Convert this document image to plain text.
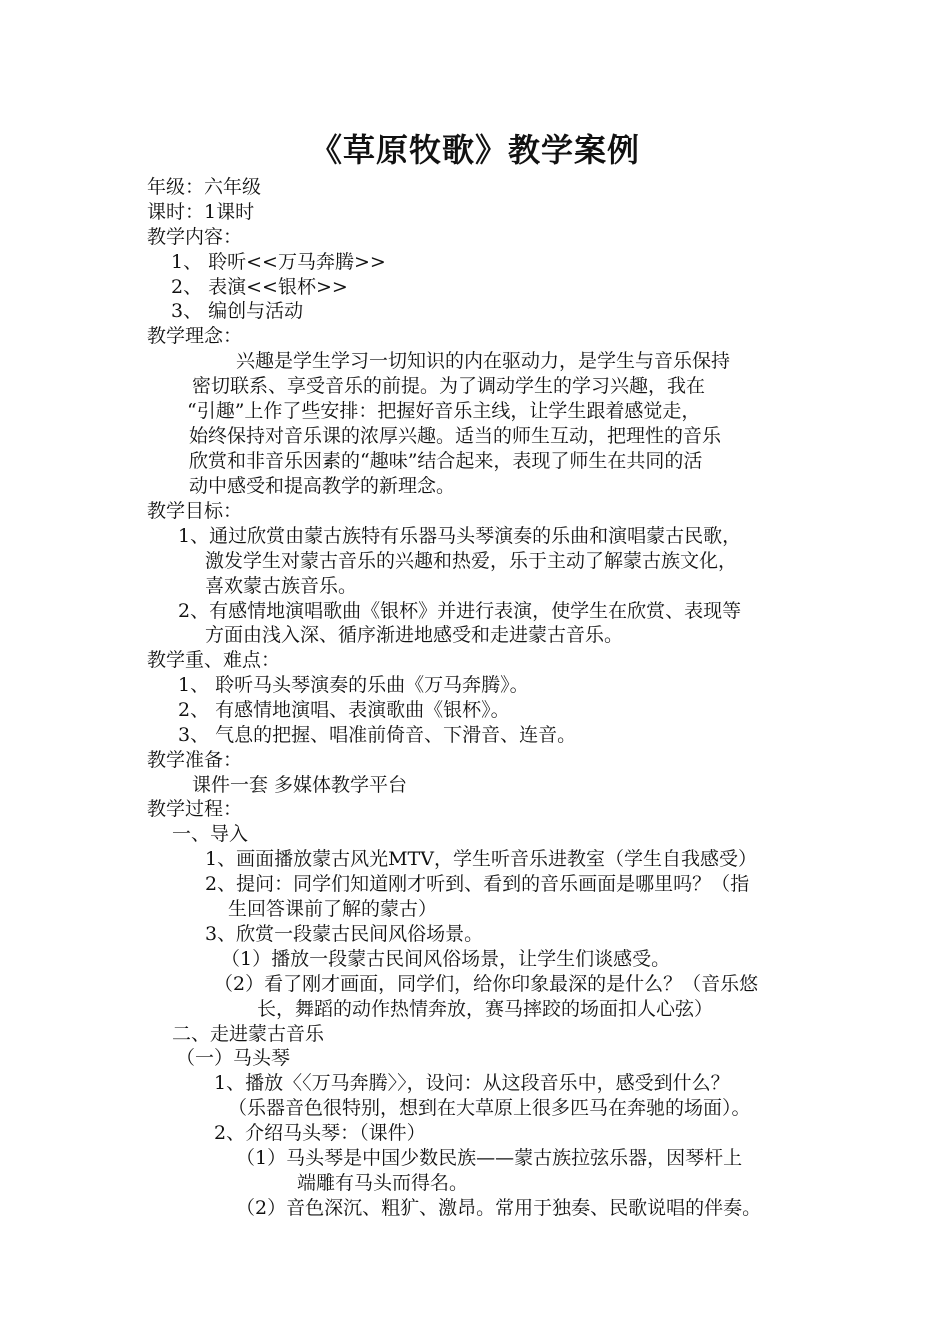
《草原牧歌》教学案例
年级：六年级
课时：1课时
教学内容：
1、 聆听<<万马奔腾>>
2、 表演<<银杯>>
3、 编创与活动
教学理念：
兴趣是学生学习一切知识的内在驱动力，是学生与音乐保持
密切联系、享受音乐的前提。为了调动学生的学习兴趣，我在
“引趣”上作了些安排：把握好音乐主线，让学生跟着感觉走，
始终保持对音乐课的浓厚兴趣。适当的师生互动，把理性的音乐
欣赏和非音乐因素的“趣味”结合起来，表现了师生在共同的活
动中感受和提高教学的新理念。
教学目标：
1、通过欣赏由蒙古族特有乐器马头琴演奏的乐曲和演唱蒙古民歌，
激发学生对蒙古音乐的兴趣和热爱，乐于主动了解蒙古族文化，
喜欢蒙古族音乐。
2、有感情地演唱歌曲《银杯》并进行表演，使学生在欣赏、表现等
方面由浅入深、循序渐进地感受和走进蒙古音乐。
教学重、难点：
1、 聆听马头琴演奏的乐曲《万马奔腾》。
2、 有感情地演唱、表演歌曲《银杯》。
3、 气息的把握、唱准前倚音、下滑音、连音。
教学准备：
课件一套 多媒体教学平台
教学过程：
一、导入
1、画面播放蒙古风光MTV，学生听音乐进教室（学生自我感受）
2、提问：同学们知道刚才听到、看到的音乐画面是哪里吗？（指
生回答课前了解的蒙古）
3、欣赏一段蒙古民间风俗场景。
（1）播放一段蒙古民间风俗场景，让学生们谈感受。
（2）看了刚才画面，同学们，给你印象最深的是什么？（音乐悠
长，舞蹈的动作热情奔放，赛马摔跤的场面扣人心弦）
二、走进蒙古音乐
（一）马头琴
1、播放〈〈万马奔腾〉〉，设问：从这段音乐中，感受到什么？
（乐器音色很特别，想到在大草原上很多匹马在奔驰的场面）。
2、介绍马头琴：（课件）
（1）马头琴是中国少数民族——蒙古族拉弦乐器，因琴杆上
端雕有马头而得名。
（2）音色深沉、粗犷、激昂。常用于独奏、民歌说唱的伴奏。
